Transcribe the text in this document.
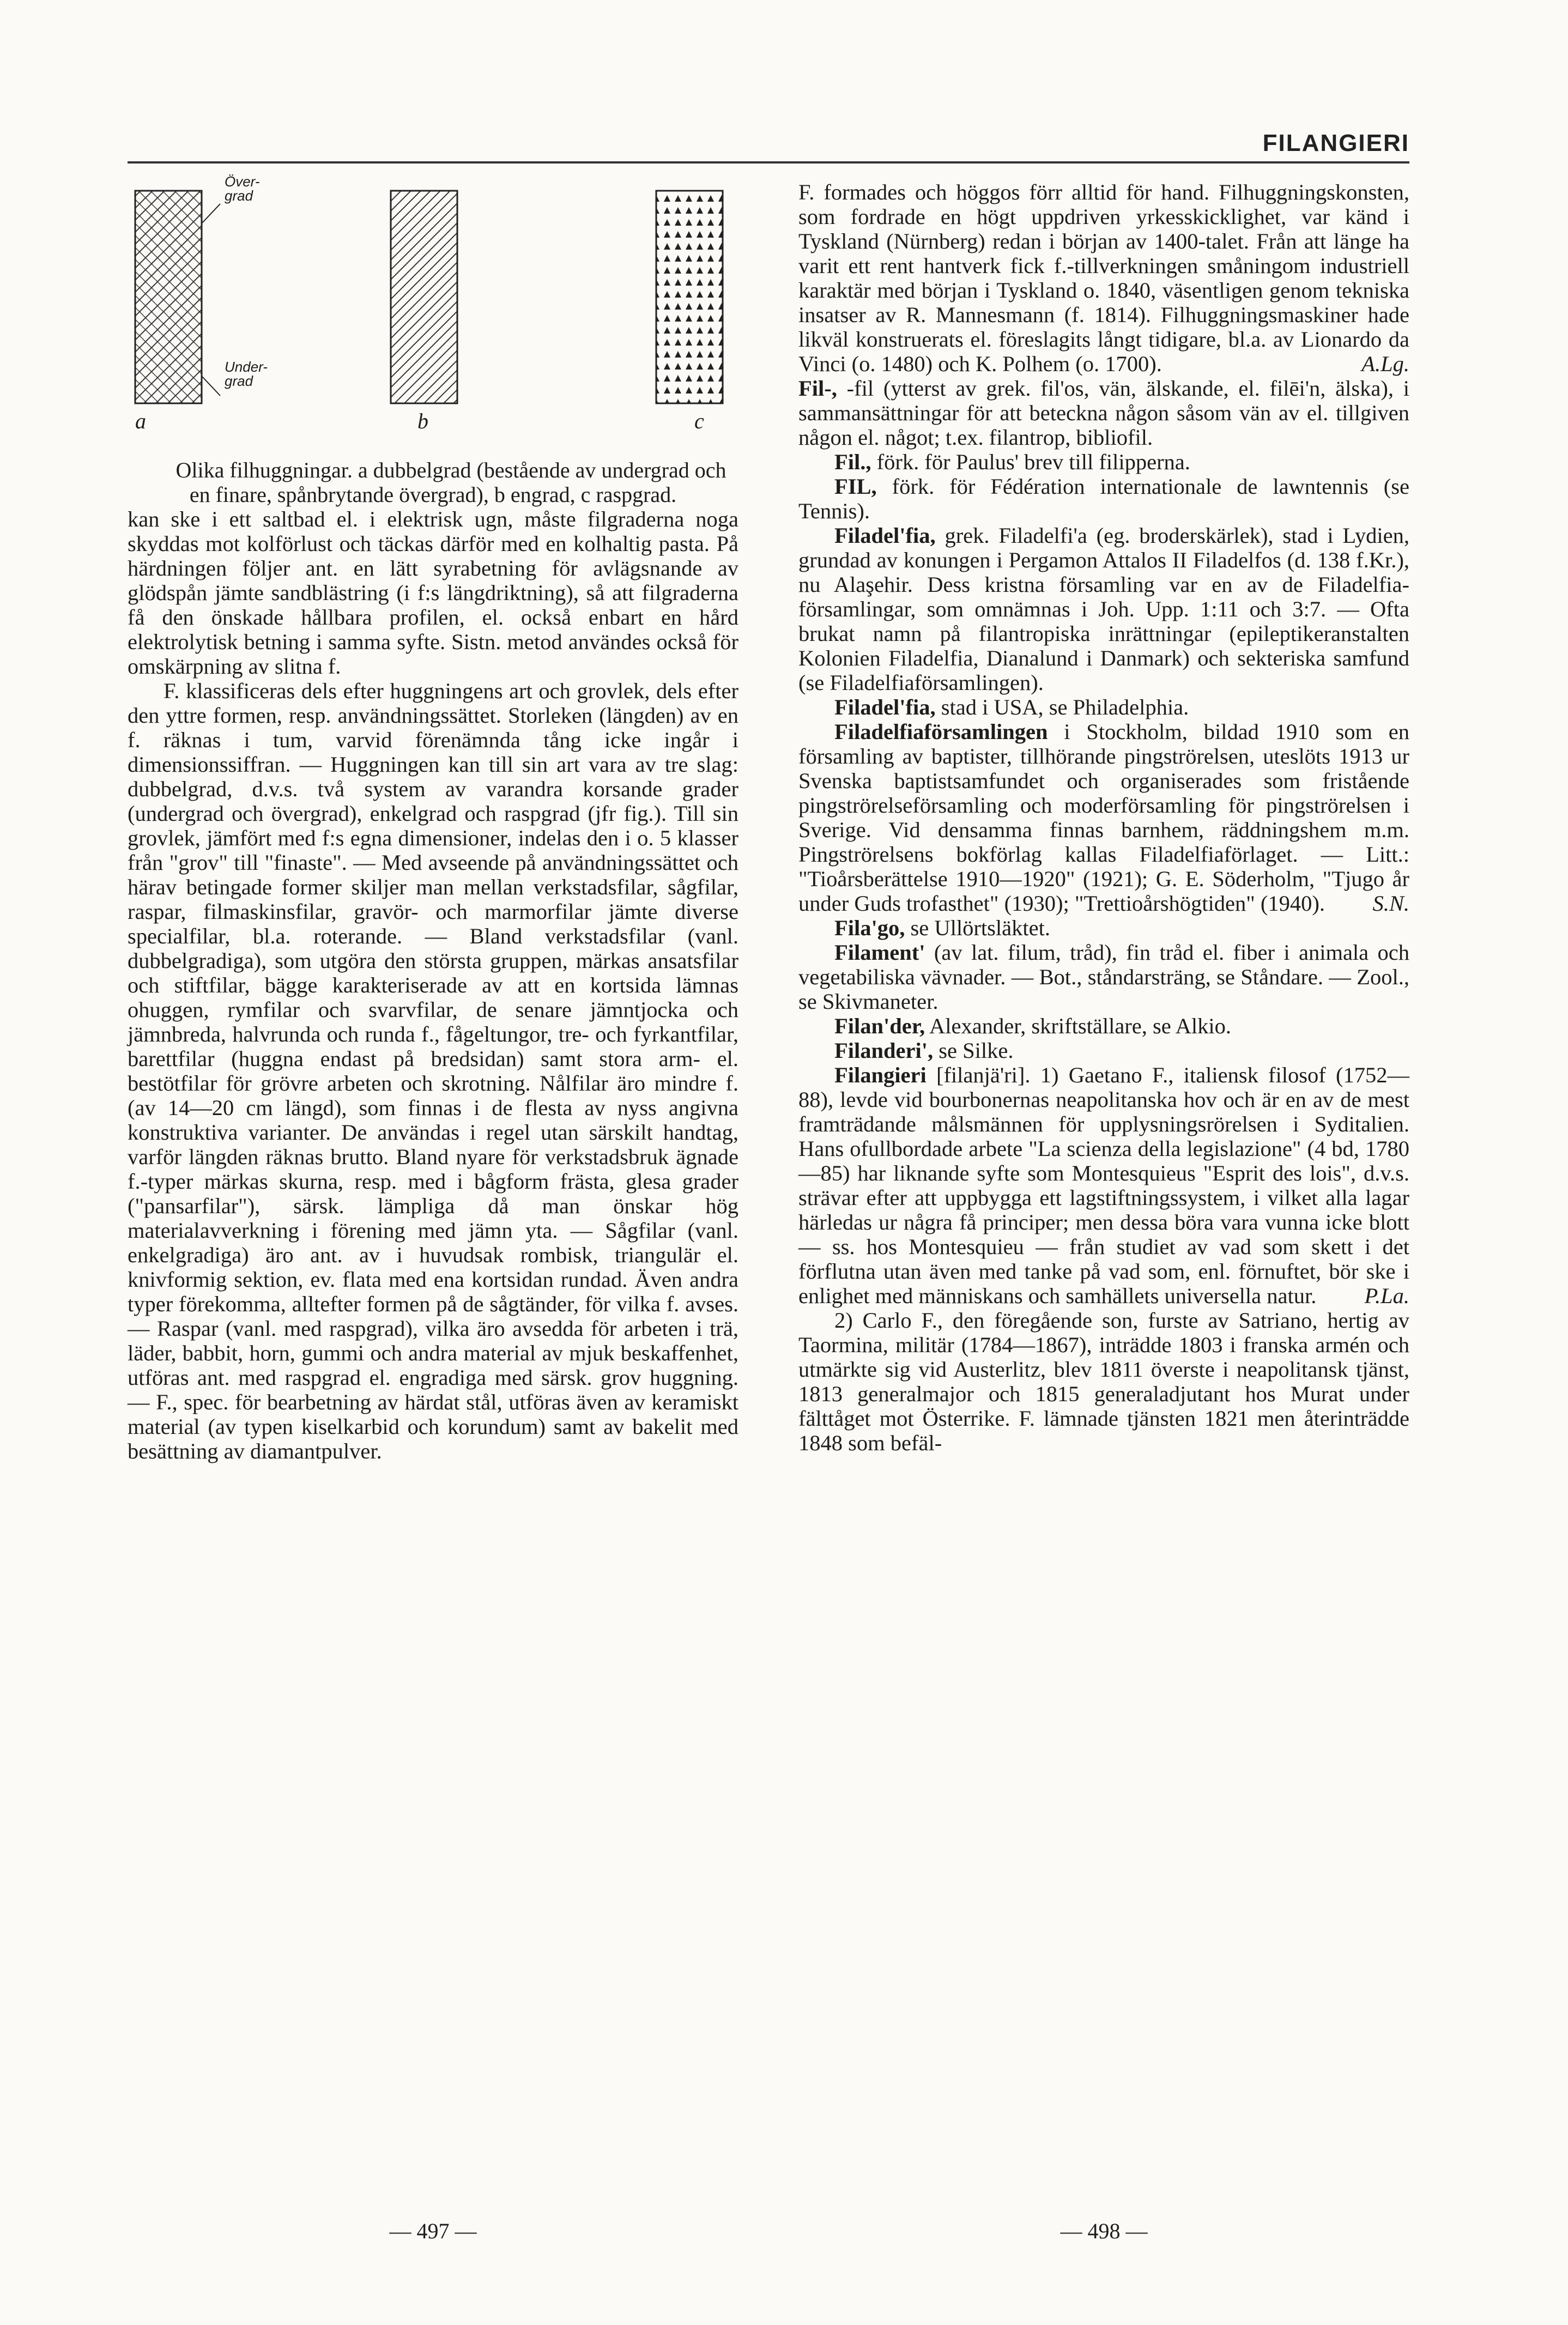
FILANGIERI
Över-
grad
Under-
grad
a	b	c

Olika filhuggningar. a dubbelgrad (bestående av undergrad och en finare, spånbrytande övergrad), b engrad, c raspgrad.

kan ske i ett saltbad el. i elektrisk ugn, måste filgraderna noga skyddas mot kolförlust och täckas därför med en kolhaltig pasta. På härdningen följer ant. en lätt syrabetning för avlägsnande av glödspån jämte sandblästring (i f:s längdriktning), så att filgraderna få den önskade hållbara profilen, el. också enbart en hård elektrolytisk betning i samma syfte. Sistn. metod användes också för omskärpning av slitna f.

F. klassificeras dels efter huggningens art och grovlek, dels efter den yttre formen, resp. användningssättet. Storleken (längden) av en f. räknas i tum, varvid förenämnda tång icke ingår i dimensionssiffran. — Huggningen kan till sin art vara av tre slag: dubbelgrad, d.v.s. två system av varandra korsande grader (undergrad och övergrad), enkelgrad och raspgrad (jfr fig.). Till sin grovlek, jämfört med f:s egna dimensioner, indelas den i o. 5 klasser från "grov" till "finaste". — Med avseende på användningssättet och härav betingade former skiljer man mellan verkstadsfilar, sågfilar, raspar, filmaskinsfilar, gravör- och marmorfilar jämte diverse specialfilar, bl.a. roterande. — Bland verkstadsfilar (vanl. dubbelgradiga), som utgöra den största gruppen, märkas ansatsfilar och stiftfilar, bägge karakteriserade av att en kortsida lämnas ohuggen, rymfilar och svarvfilar, de senare jämntjocka och jämnbreda, halvrunda och runda f., fågeltungor, tre- och fyrkantfilar, barettfilar (huggna endast på bredsidan) samt stora arm- el. bestötfilar för grövre arbeten och skrotning. Nålfilar äro mindre f. (av 14—20 cm längd), som finnas i de flesta av nyss angivna konstruktiva varianter. De användas i regel utan särskilt handtag, varför längden räknas brutto. Bland nyare för verkstadsbruk ägnade f.-typer märkas skurna, resp. med i bågform frästa, glesa grader ("pansarfilar"), särsk. lämpliga då man önskar hög materialavverkning i förening med jämn yta. — Sågfilar (vanl. enkelgradiga) äro ant. av i huvudsak rombisk, triangulär el. knivformig sektion, ev. flata med ena kortsidan rundad. Även andra typer förekomma, alltefter formen på de sågtänder, för vilka f. avses. — Raspar (vanl. med raspgrad), vilka äro avsedda för arbeten i trä, läder, babbit, horn, gummi och andra material av mjuk beskaffenhet, utföras ant. med raspgrad el. engradiga med särsk. grov huggning. — F., spec. för bearbetning av härdat stål, utföras även av keramiskt material (av typen kiselkarbid och korundum) samt av bakelit med besättning av diamantpulver.

F. formades och höggos förr alltid för hand. Filhuggningskonsten, som fordrade en högt uppdriven yrkesskicklighet, var känd i Tyskland (Nürnberg) redan i början av 1400-talet. Från att länge ha varit ett rent hantverk fick f.-tillverkningen småningom industriell karaktär med början i Tyskland o. 1840, väsentligen genom tekniska insatser av R. Mannesmann (f. 1814). Filhuggningsmaskiner hade likväl konstruerats el. föreslagits långt tidigare, bl.a. av Lionardo da Vinci (o. 1480) och K. Polhem (o. 1700).	A.Lg.

Fil-, -fil (ytterst av grek. fil'os, vän, älskande, el. filēi'n, älska), i sammansättningar för att beteckna någon såsom vän av el. tillgiven någon el. något; t.ex. filantrop, bibliofil.

Fil., förk. för Paulus' brev till filipperna.

FIL, förk. för Fédération internationale de lawntennis (se Tennis).

Filadel'fia, grek. Filadelfi'a (eg. broderskärlek), stad i Lydien, grundad av konungen i Pergamon Attalos II Filadelfos (d. 138 f.Kr.), nu Alaşehir. Dess kristna församling var en av de Filadelfia-församlingar, som omnämnas i Joh. Upp. 1:11 och 3:7. — Ofta brukat namn på filantropiska inrättningar (epileptikeranstalten Kolonien Filadelfia, Dianalund i Danmark) och sekteriska samfund (se Filadelfiaförsamlingen).

Filadel'fia, stad i USA, se Philadelphia.

Filadelfiaförsamlingen i Stockholm, bildad 1910 som en församling av baptister, tillhörande pingströrelsen, uteslöts 1913 ur Svenska baptistsamfundet och organiserades som fristående pingströrelseförsamling och moderförsamling för pingströrelsen i Sverige. Vid densamma finnas barnhem, räddningshem m.m. Pingströrelsens bokförlag kallas Filadelfiaförlaget. — Litt.: "Tioårsberättelse 1910—1920" (1921); G. E. Söderholm, "Tjugo år under Guds trofasthet" (1930); "Trettioårshögtiden" (1940).	S.N.

Fila'go, se Ullörtsläktet.

Filament' (av lat. filum, tråd), fin tråd el. fiber i animala och vegetabiliska vävnader. — Bot., ståndarsträng, se Ståndare. — Zool., se Skivmaneter.

Filan'der, Alexander, skriftställare, se Alkio.

Filanderi', se Silke.

Filangieri [filanjä'ri]. 1) Gaetano F., italiensk filosof (1752—88), levde vid bourbonernas neapolitanska hov och är en av de mest framträdande målsmännen för upplysningsrörelsen i Syditalien. Hans ofullbordade arbete "La scienza della legislazione" (4 bd, 1780—85) har liknande syfte som Montesquieus "Esprit des lois", d.v.s. strävar efter att uppbygga ett lagstiftningssystem, i vilket alla lagar härledas ur några få principer; men dessa böra vara vunna icke blott — ss. hos Montesquieu — från studiet av vad som skett i det förflutna utan även med tanke på vad som, enl. förnuftet, bör ske i enlighet med människans och samhällets universella natur.	P.La.

2) Carlo F., den föregående son, furste av Satriano, hertig av Taormina, militär (1784—1867), inträdde 1803 i franska armén och utmärkte sig vid Austerlitz, blev 1811 överste i neapolitansk tjänst, 1813 generalmajor och 1815 generaladjutant hos Murat under fälttåget mot Österrike. F. lämnade tjänsten 1821 men återinträdde 1848 som befäl-

— 497 —	— 498 —
